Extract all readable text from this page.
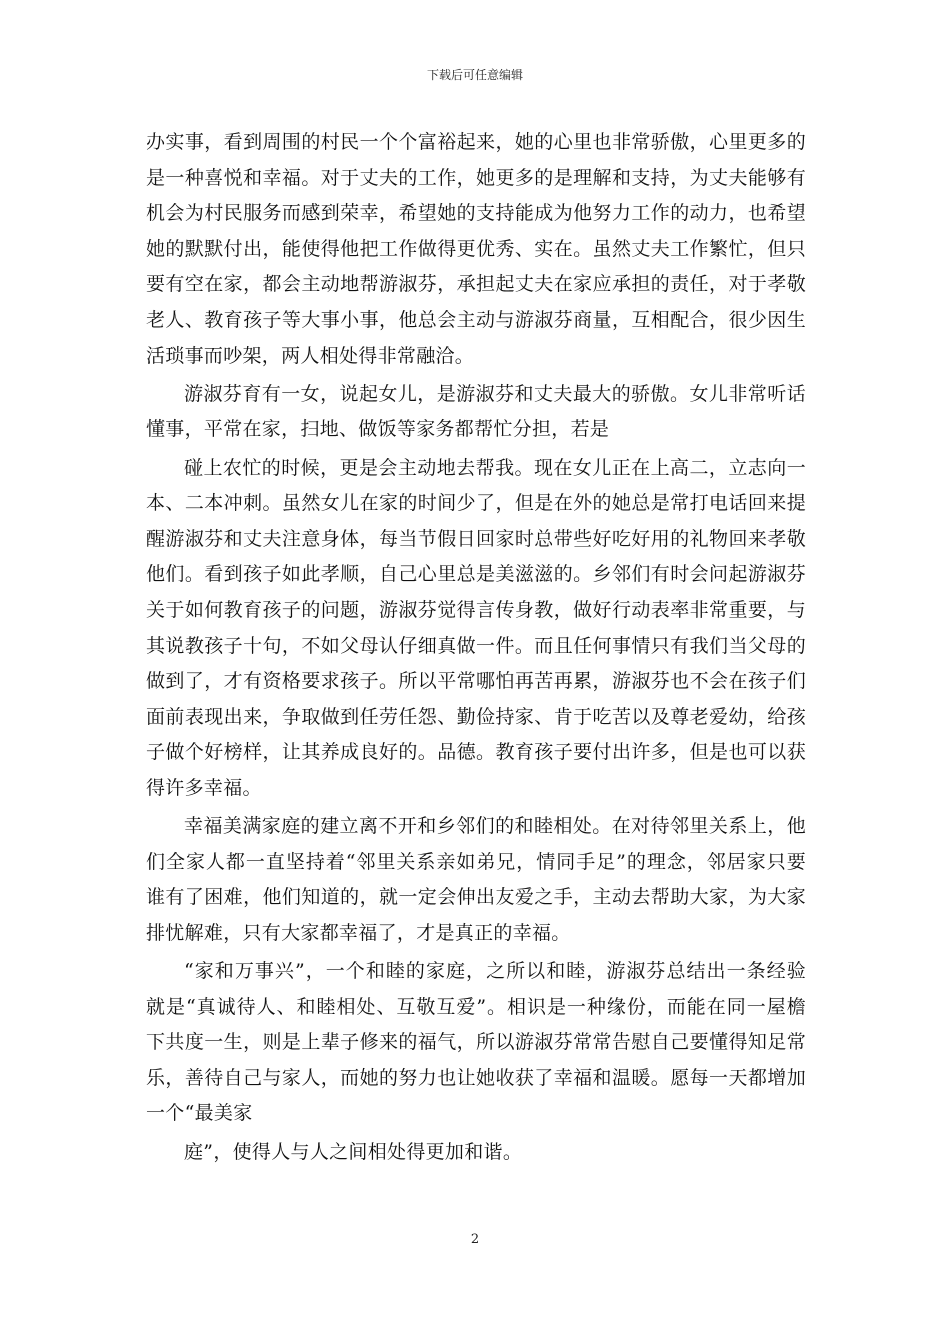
下载后可任意编辑
办实事，看到周围的村民一个个富裕起来，她的心里也非常骄傲，心里更多的
是一种喜悦和幸福。对于丈夫的工作，她更多的是理解和支持，为丈夫能够有
机会为村民服务而感到荣幸，希望她的支持能成为他努力工作的动力，也希望
她的默默付出，能使得他把工作做得更优秀、实在。虽然丈夫工作繁忙，但只
要有空在家，都会主动地帮游淑芬，承担起丈夫在家应承担的责任，对于孝敬
老人、教育孩子等大事小事，他总会主动与游淑芬商量，互相配合，很少因生
活琐事而吵架，两人相处得非常融洽。
游淑芬育有一女，说起女儿，是游淑芬和丈夫最大的骄傲。女儿非常听话
懂事，平常在家，扫地、做饭等家务都帮忙分担，若是
碰上农忙的时候，更是会主动地去帮我。现在女儿正在上高二，立志向一
本、二本冲刺。虽然女儿在家的时间少了，但是在外的她总是常打电话回来提
醒游淑芬和丈夫注意身体，每当节假日回家时总带些好吃好用的礼物回来孝敬
他们。看到孩子如此孝顺，自己心里总是美滋滋的。乡邻们有时会问起游淑芬
关于如何教育孩子的问题，游淑芬觉得言传身教，做好行动表率非常重要，与
其说教孩子十句，不如父母认仔细真做一件。而且任何事情只有我们当父母的
做到了，才有资格要求孩子。所以平常哪怕再苦再累，游淑芬也不会在孩子们
面前表现出来，争取做到任劳任怨、勤俭持家、肯于吃苦以及尊老爱幼，给孩
子做个好榜样，让其养成良好的。品德。教育孩子要付出许多，但是也可以获
得许多幸福。
幸福美满家庭的建立离不开和乡邻们的和睦相处。在对待邻里关系上，他
们全家人都一直坚持着“邻里关系亲如弟兄，情同手足”的理念，邻居家只要
谁有了困难，他们知道的，就一定会伸出友爱之手，主动去帮助大家，为大家
排忧解难，只有大家都幸福了，才是真正的幸福。
“家和万事兴”，一个和睦的家庭，之所以和睦，游淑芬总结出一条经验
就是“真诚待人、和睦相处、互敬互爱”。相识是一种缘份，而能在同一屋檐
下共度一生，则是上辈子修来的福气，所以游淑芬常常告慰自己要懂得知足常
乐，善待自己与家人，而她的努力也让她收获了幸福和温暖。愿每一天都增加
一个“最美家
庭”，使得人与人之间相处得更加和谐。
2
